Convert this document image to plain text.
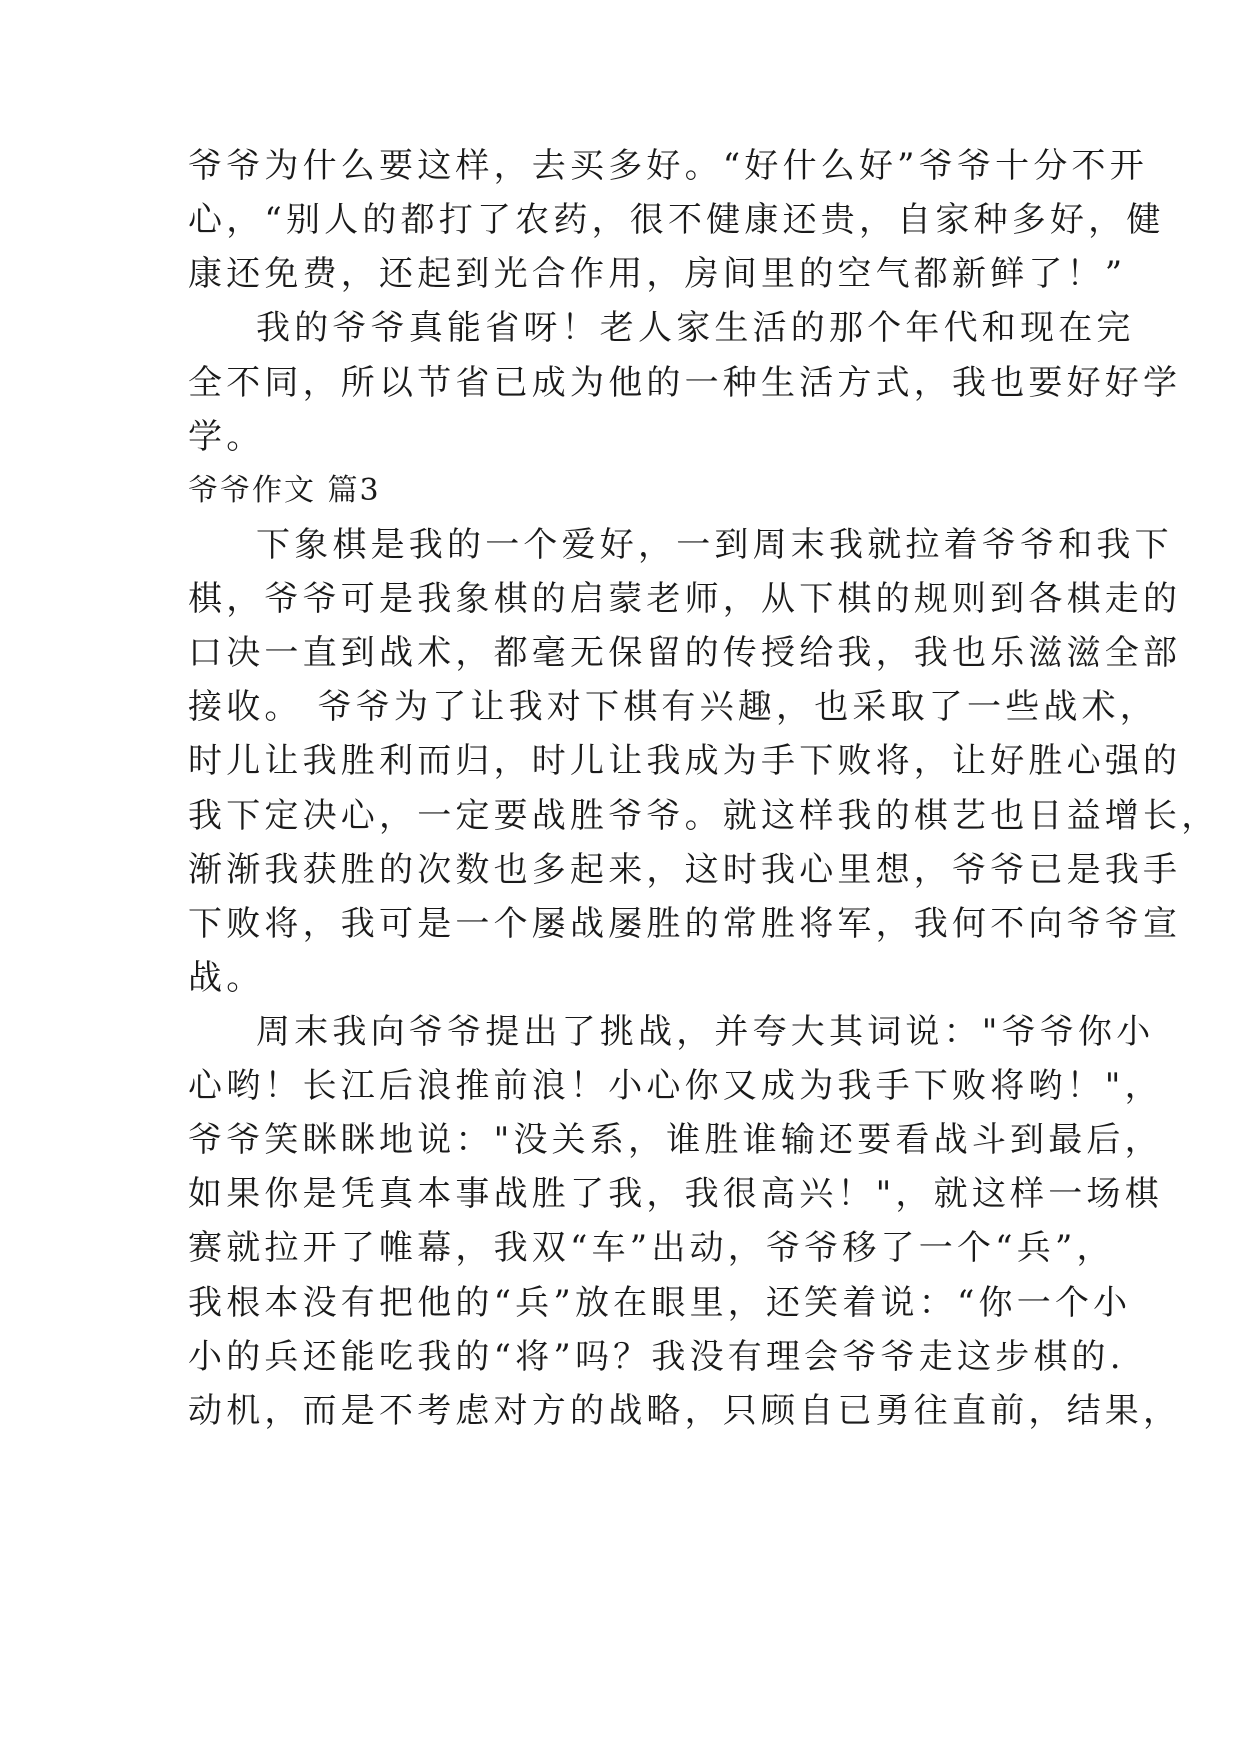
爷爷为什么要这样，去买多好。“好什么好”爷爷十分不开
心，“别人的都打了农药，很不健康还贵，自家种多好，健
康还免费，还起到光合作用，房间里的空气都新鲜了！”
我的爷爷真能省呀！老人家生活的那个年代和现在完
全不同，所以节省已成为他的一种生活方式，我也要好好学
学。
爷爷作文 篇3
下象棋是我的一个爱好，一到周末我就拉着爷爷和我下
棋，爷爷可是我象棋的启蒙老师，从下棋的规则到各棋走的
口决一直到战术，都毫无保留的传授给我，我也乐滋滋全部
接收。 爷爷为了让我对下棋有兴趣，也采取了一些战术，
时儿让我胜利而归，时儿让我成为手下败将，让好胜心强的
我下定决心，一定要战胜爷爷。就这样我的棋艺也日益增长，
渐渐我获胜的次数也多起来，这时我心里想，爷爷已是我手
下败将，我可是一个屡战屡胜的常胜将军，我何不向爷爷宣
战。
周末我向爷爷提出了挑战，并夸大其词说："爷爷你小
心哟！长江后浪推前浪！小心你又成为我手下败将哟！"，
爷爷笑眯眯地说："没关系，谁胜谁输还要看战斗到最后，
如果你是凭真本事战胜了我，我很高兴！"，就这样一场棋
赛就拉开了帷幕，我双“车”出动，爷爷移了一个“兵”，
我根本没有把他的“兵”放在眼里，还笑着说：“你一个小
小的兵还能吃我的“将”吗？我没有理会爷爷走这步棋的.
动机，而是不考虑对方的战略，只顾自已勇往直前，结果，
